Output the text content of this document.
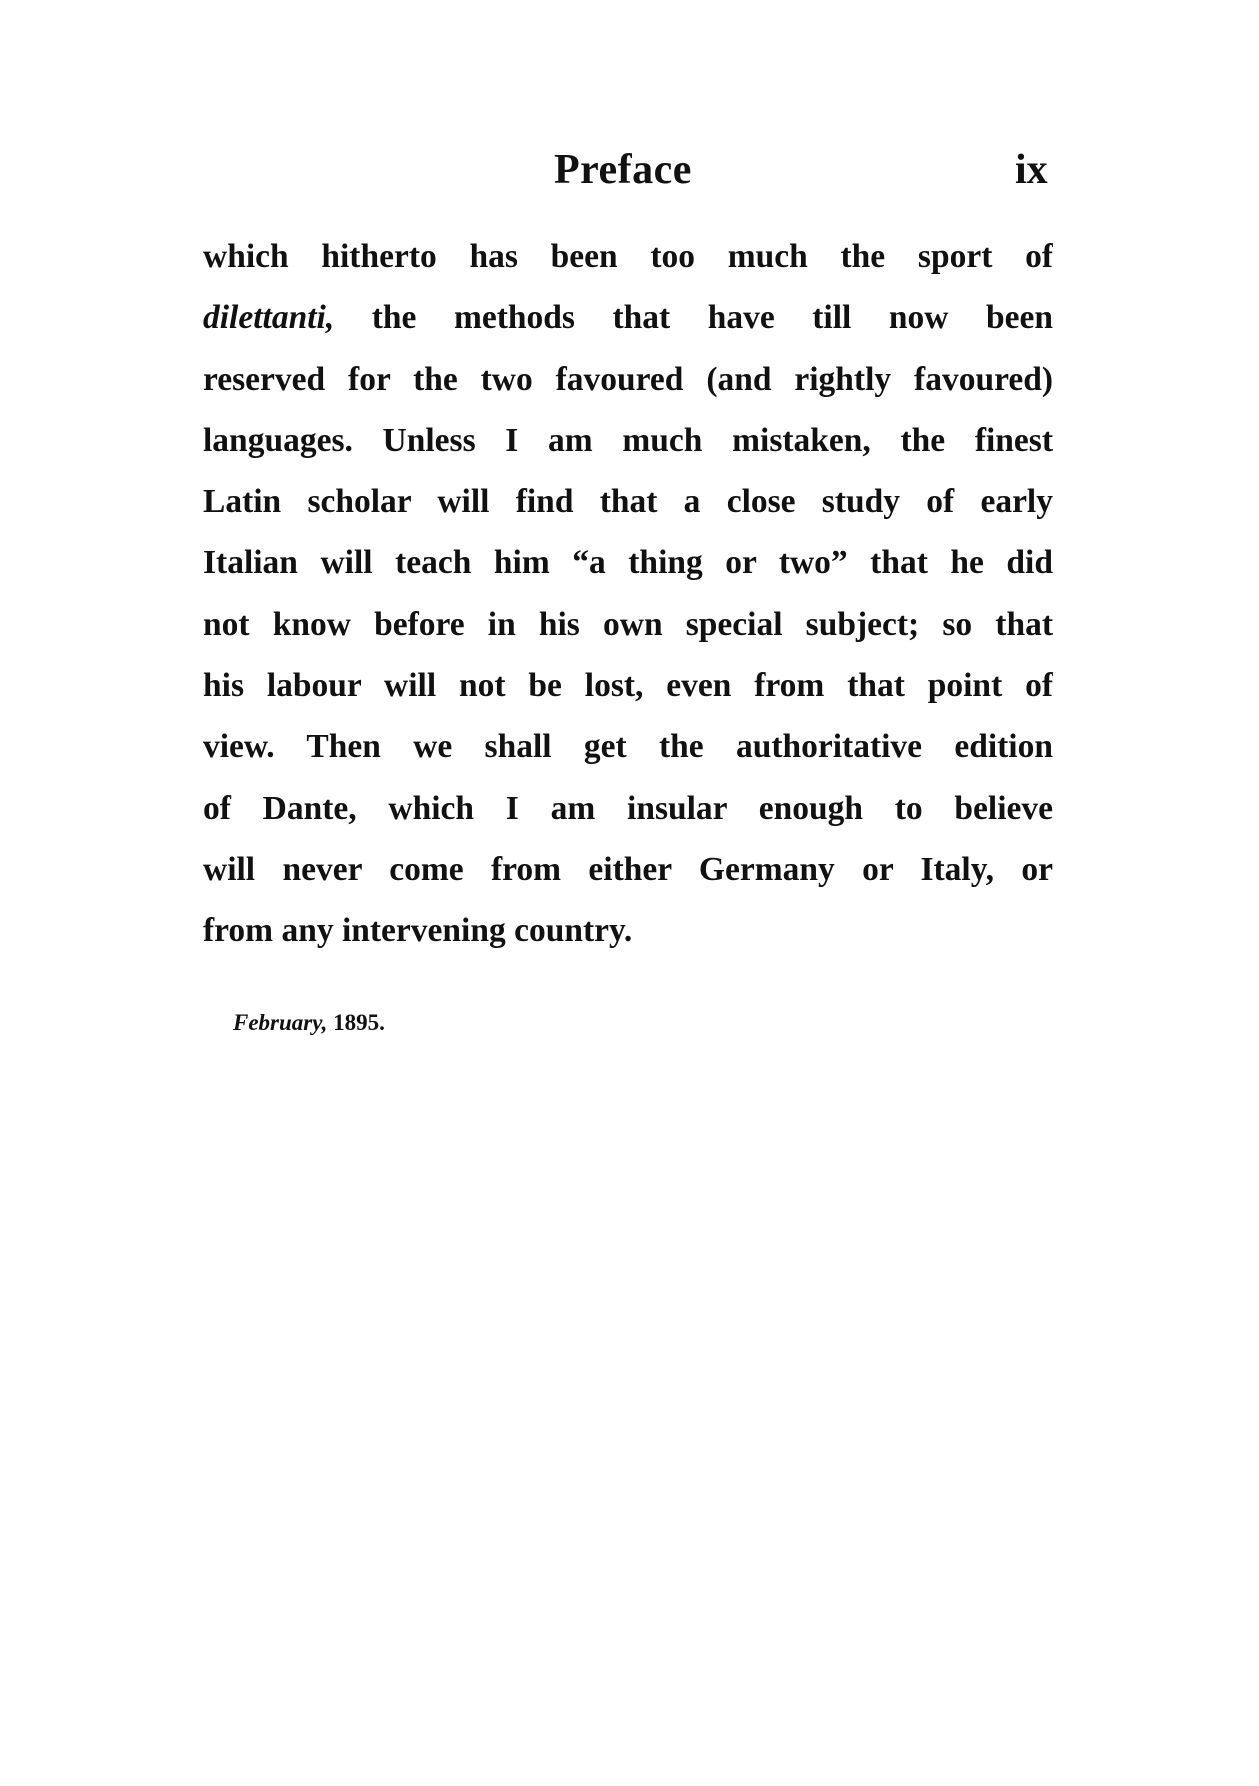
Preface	ix
which hitherto has been too much the sport of
dilettanti, the methods that have till now been
reserved for the two favoured (and rightly favoured)
languages. Unless I am much mistaken, the finest
Latin scholar will find that a close study of early
Italian will teach him “a thing or two” that he did
not know before in his own special subject; so that
his labour will not be lost, even from that point of
view. Then we shall get the authoritative edition
of Dante, which I am insular enough to believe
will never come from either Germany or Italy, or
from any intervening country.
February, 1895.
